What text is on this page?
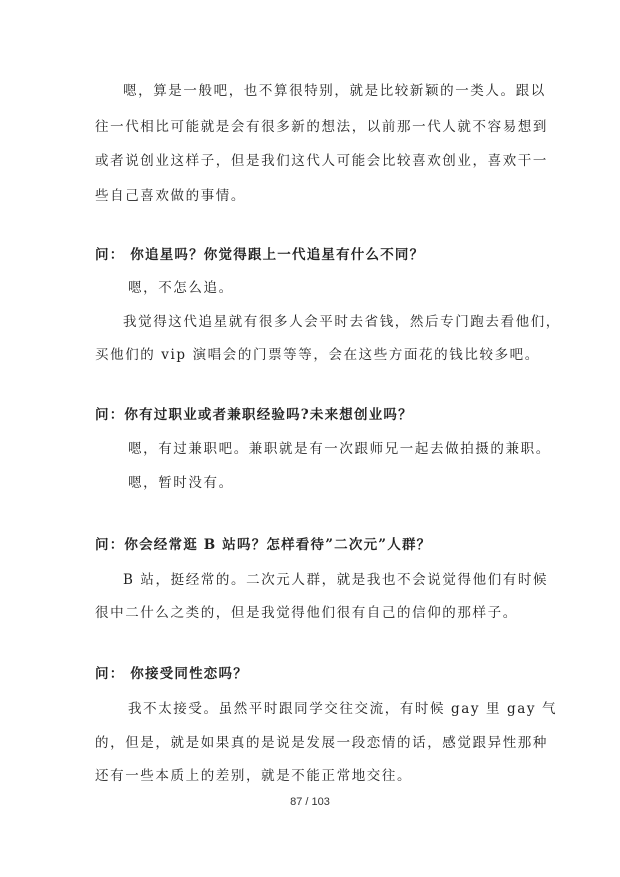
嗯，算是一般吧，也不算很特别，就是比较新颖的一类人。跟以
往一代相比可能就是会有很多新的想法，以前那一代人就不容易想到
或者说创业这样子，但是我们这代人可能会比较喜欢创业，喜欢干一
些自己喜欢做的事情。
问： 你追星吗？你觉得跟上一代追星有什么不同？
嗯，不怎么追。
我觉得这代追星就有很多人会平时去省钱，然后专门跑去看他们，
买他们的 vip 演唱会的门票等等，会在这些方面花的钱比较多吧。
问：你有过职业或者兼职经验吗?未来想创业吗？
嗯，有过兼职吧。兼职就是有一次跟师兄一起去做拍摄的兼职。
嗯，暂时没有。
问：你会经常逛 B 站吗？怎样看待”二次元”人群？
B 站，挺经常的。二次元人群，就是我也不会说觉得他们有时候
很中二什么之类的，但是我觉得他们很有自己的信仰的那样子。
问： 你接受同性恋吗？
我不太接受。虽然平时跟同学交往交流，有时候 gay 里 gay 气
的，但是，就是如果真的是说是发展一段恋情的话，感觉跟异性那种
还有一些本质上的差别，就是不能正常地交往。
87 / 103
